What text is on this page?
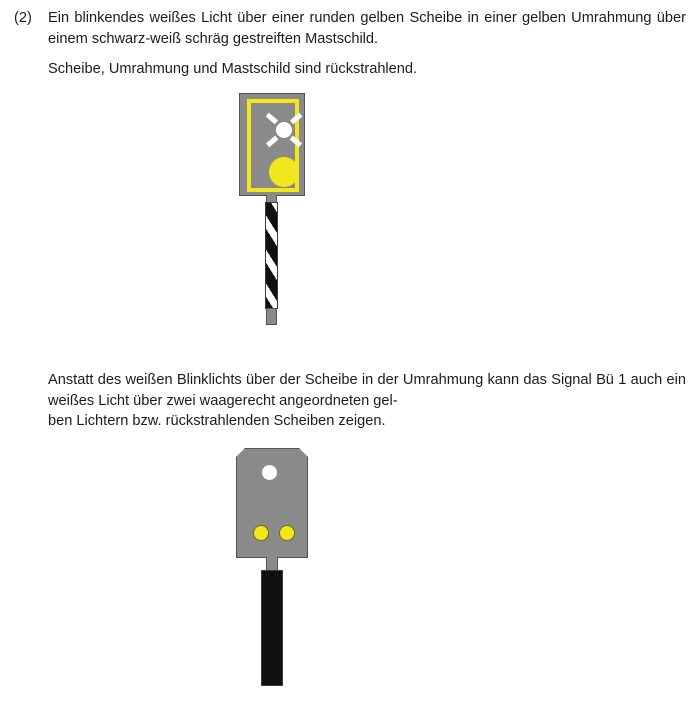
(2)	Ein blinkendes weißes Licht über einer runden gelben Scheibe in einer gelben Umrahmung über einem schwarz-weiß schräg gestreiften Mastschild.
Scheibe, Umrahmung und Mastschild sind rückstrahlend.
Anstatt des weißen Blinklichts über der Scheibe in der Umrahmung kann das Signal Bü 1 auch ein weißes Licht über zwei waagerecht angeordneten gel-
ben Lichtern bzw. rückstrahlenden Scheiben zeigen.
